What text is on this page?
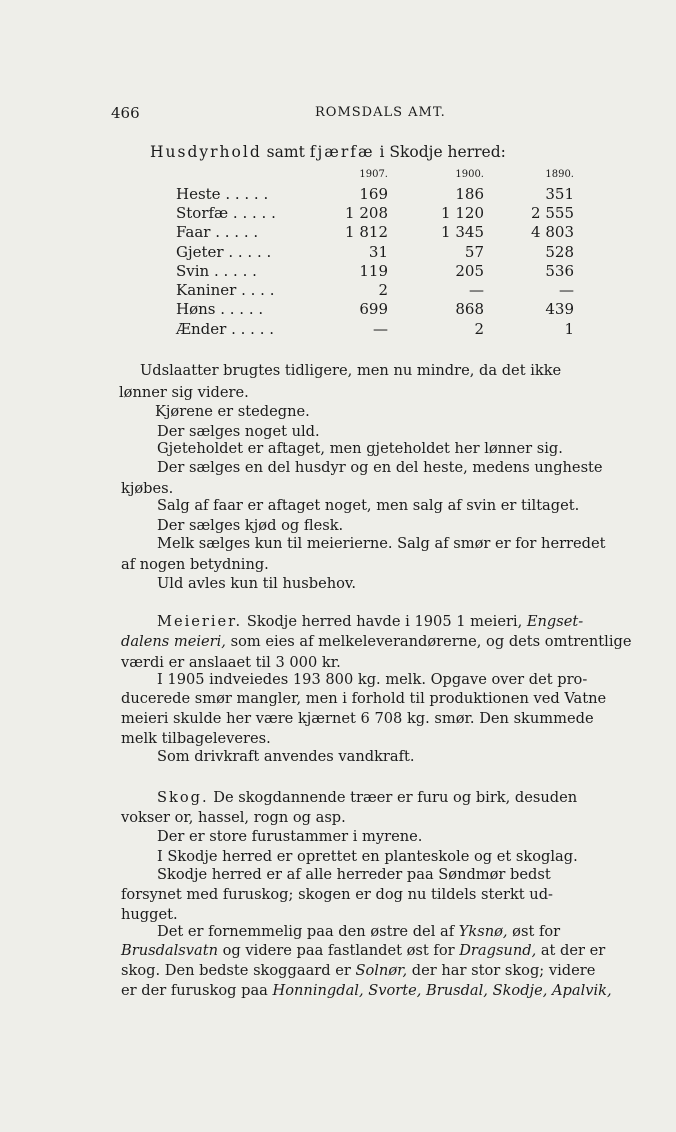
466	ROMSDALS AMT.
Husdyrhold samt fjærfæ i Skodje herred:
	1907.	1900.	1890.
Heste . . . . .	169	186	351
Storfæ . . . . .	1 208	1 120	2 555
Faar . . . . .	1 812	1 345	4 803
Gjeter . . . . .	31	57	528
Svin . . . . .	119	205	536
Kaniner . . . .	2	—	—
Høns . . . . .	699	868	439
Ænder . . . . .	—	2	1

Udslaatter brugtes tidligere, men nu mindre, da det ikke

lønner sig videre.

Kjørene er stedegne.

Der sælges noget uld.

Gjeteholdet er aftaget, men gjeteholdet her lønner sig.

Der sælges en del husdyr og en del heste, medens ungheste

kjøbes.

Salg af faar er aftaget noget, men salg af svin er tiltaget.

Der sælges kjød og flesk.

Melk sælges kun til meierierne. Salg af smør er for herredet

af nogen betydning.

Uld avles kun til husbehov.

Meierier. Skodje herred havde i 1905 1 meieri, Engset-

dalens meieri, som eies af melkeleverandørerne, og dets omtrentlige

værdi er anslaaet til 3 000 kr.

I 1905 indveiedes 193 800 kg. melk. Opgave over det pro-

ducerede smør mangler, men i forhold til produktionen ved Vatne

meieri skulde her være kjærnet 6 708 kg. smør. Den skummede

melk tilbageleveres.

Som drivkraft anvendes vandkraft.

Skog. De skogdannende træer er furu og birk, desuden

vokser or, hassel, rogn og asp.

Der er store furustammer i myrene.

I Skodje herred er oprettet en planteskole og et skoglag.

Skodje herred er af alle herreder paa Søndmør bedst

forsynet med furuskog; skogen er dog nu tildels sterkt ud-

hugget.

Det er fornemmelig paa den østre del af Yksnø, øst for

Brusdalsvatn og videre paa fastlandet øst for Dragsund, at der er

skog. Den bedste skoggaard er Solnør, der har stor skog; videre

er der furuskog paa Honningdal, Svorte, Brusdal, Skodje, Apalvik,
